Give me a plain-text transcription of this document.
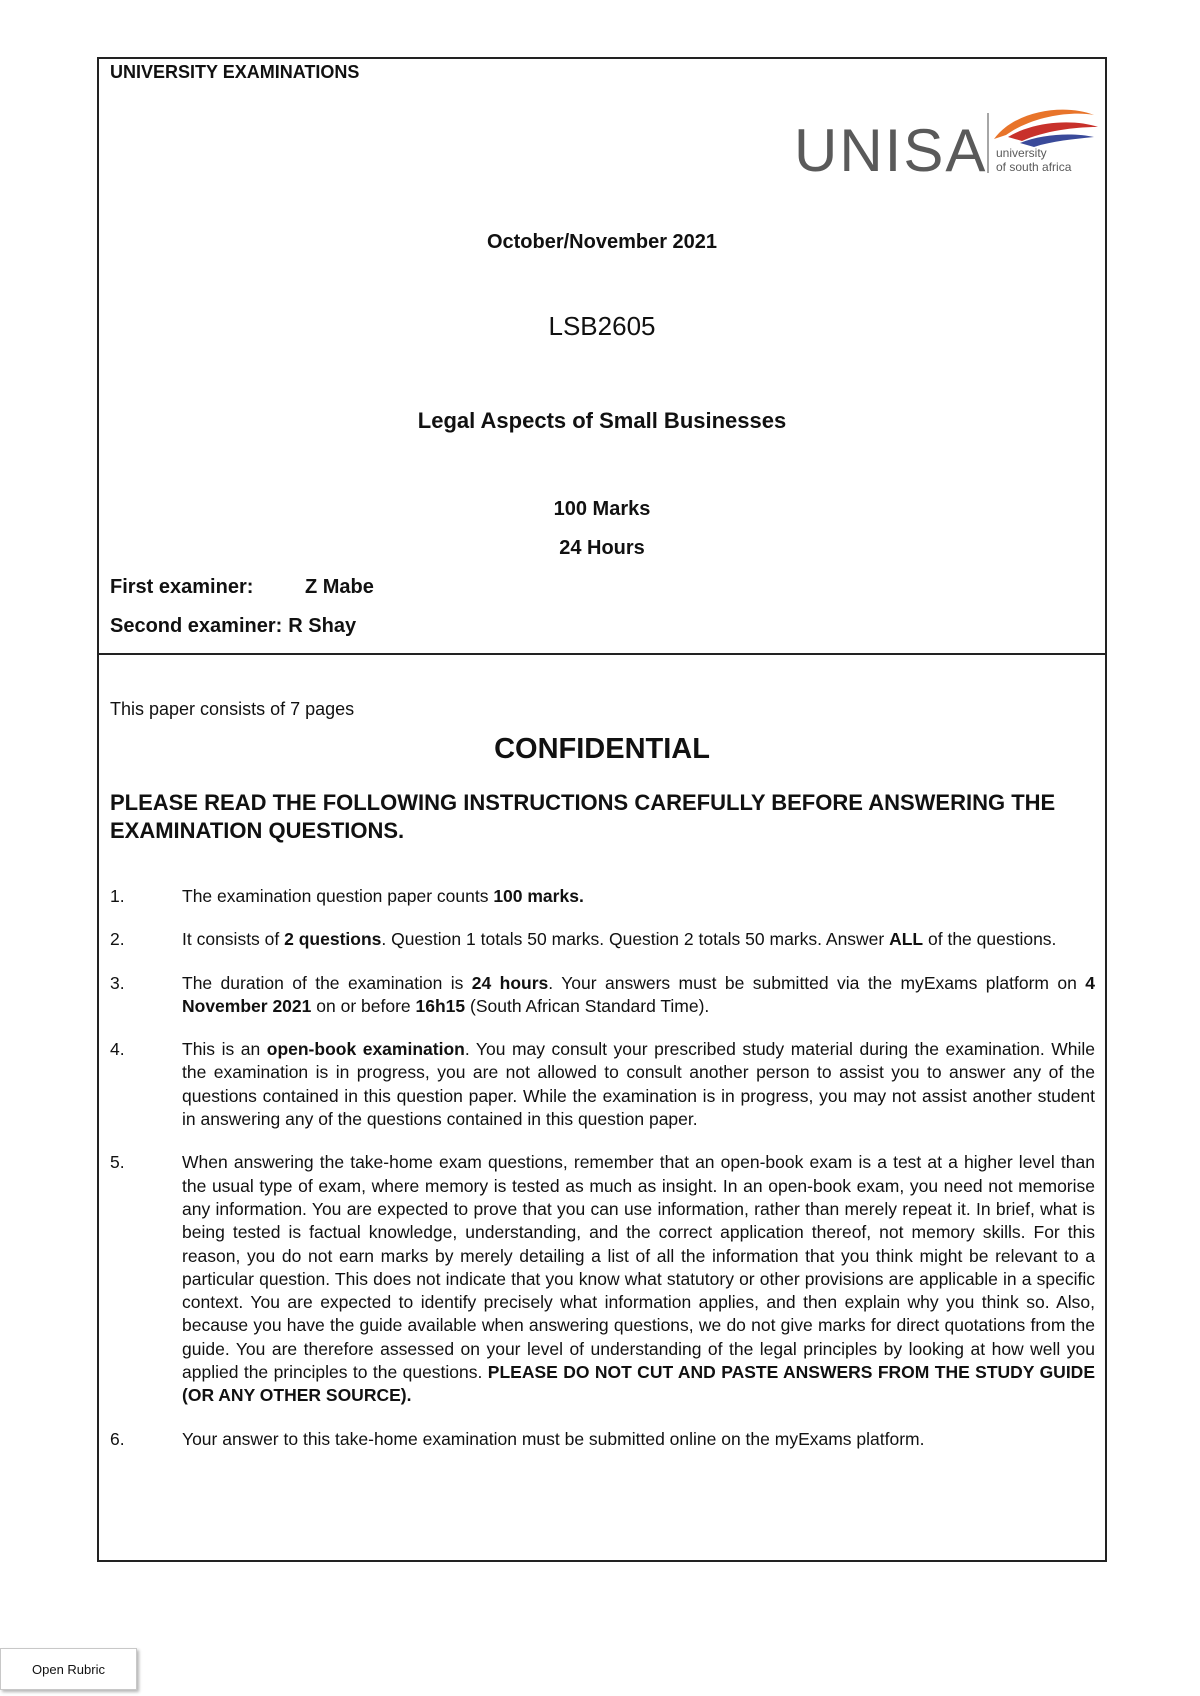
UNIVERSITY EXAMINATIONS
UNISA university
of south africa
October/November 2021
LSB2605
Legal Aspects of Small Businesses
100 Marks
24 Hours
First examiner:	Z Mabe
Second examiner: R Shay
This paper consists of 7 pages
CONFIDENTIAL
PLEASE READ THE FOLLOWING INSTRUCTIONS CAREFULLY BEFORE ANSWERING THE EXAMINATION QUESTIONS.
1.	The examination question paper counts 100 marks.
2.	It consists of 2 questions. Question 1 totals 50 marks. Question 2 totals 50 marks. Answer ALL of the questions.
3.	The duration of the examination is 24 hours. Your answers must be submitted via the myExams platform on 4 November 2021 on or before 16h15 (South African Standard Time).
4.	This is an open-book examination. You may consult your prescribed study material during the examination. While the examination is in progress, you are not allowed to consult another person to assist you to answer any of the questions contained in this question paper. While the examination is in progress, you may not assist another student in answering any of the questions contained in this question paper.
5.	When answering the take-home exam questions, remember that an open-book exam is a test at a higher level than the usual type of exam, where memory is tested as much as insight. In an open-book exam, you need not memorise any information. You are expected to prove that you can use information, rather than merely repeat it. In brief, what is being tested is factual knowledge, understanding, and the correct application thereof, not memory skills. For this reason, you do not earn marks by merely detailing a list of all the information that you think might be relevant to a particular question. This does not indicate that you know what statutory or other provisions are applicable in a specific context. You are expected to identify precisely what information applies, and then explain why you think so. Also, because you have the guide available when answering questions, we do not give marks for direct quotations from the guide. You are therefore assessed on your level of understanding of the legal principles by looking at how well you applied the principles to the questions. PLEASE DO NOT CUT AND PASTE ANSWERS FROM THE STUDY GUIDE (OR ANY OTHER SOURCE).
6.	Your answer to this take-home examination must be submitted online on the myExams platform.
Open Rubric
